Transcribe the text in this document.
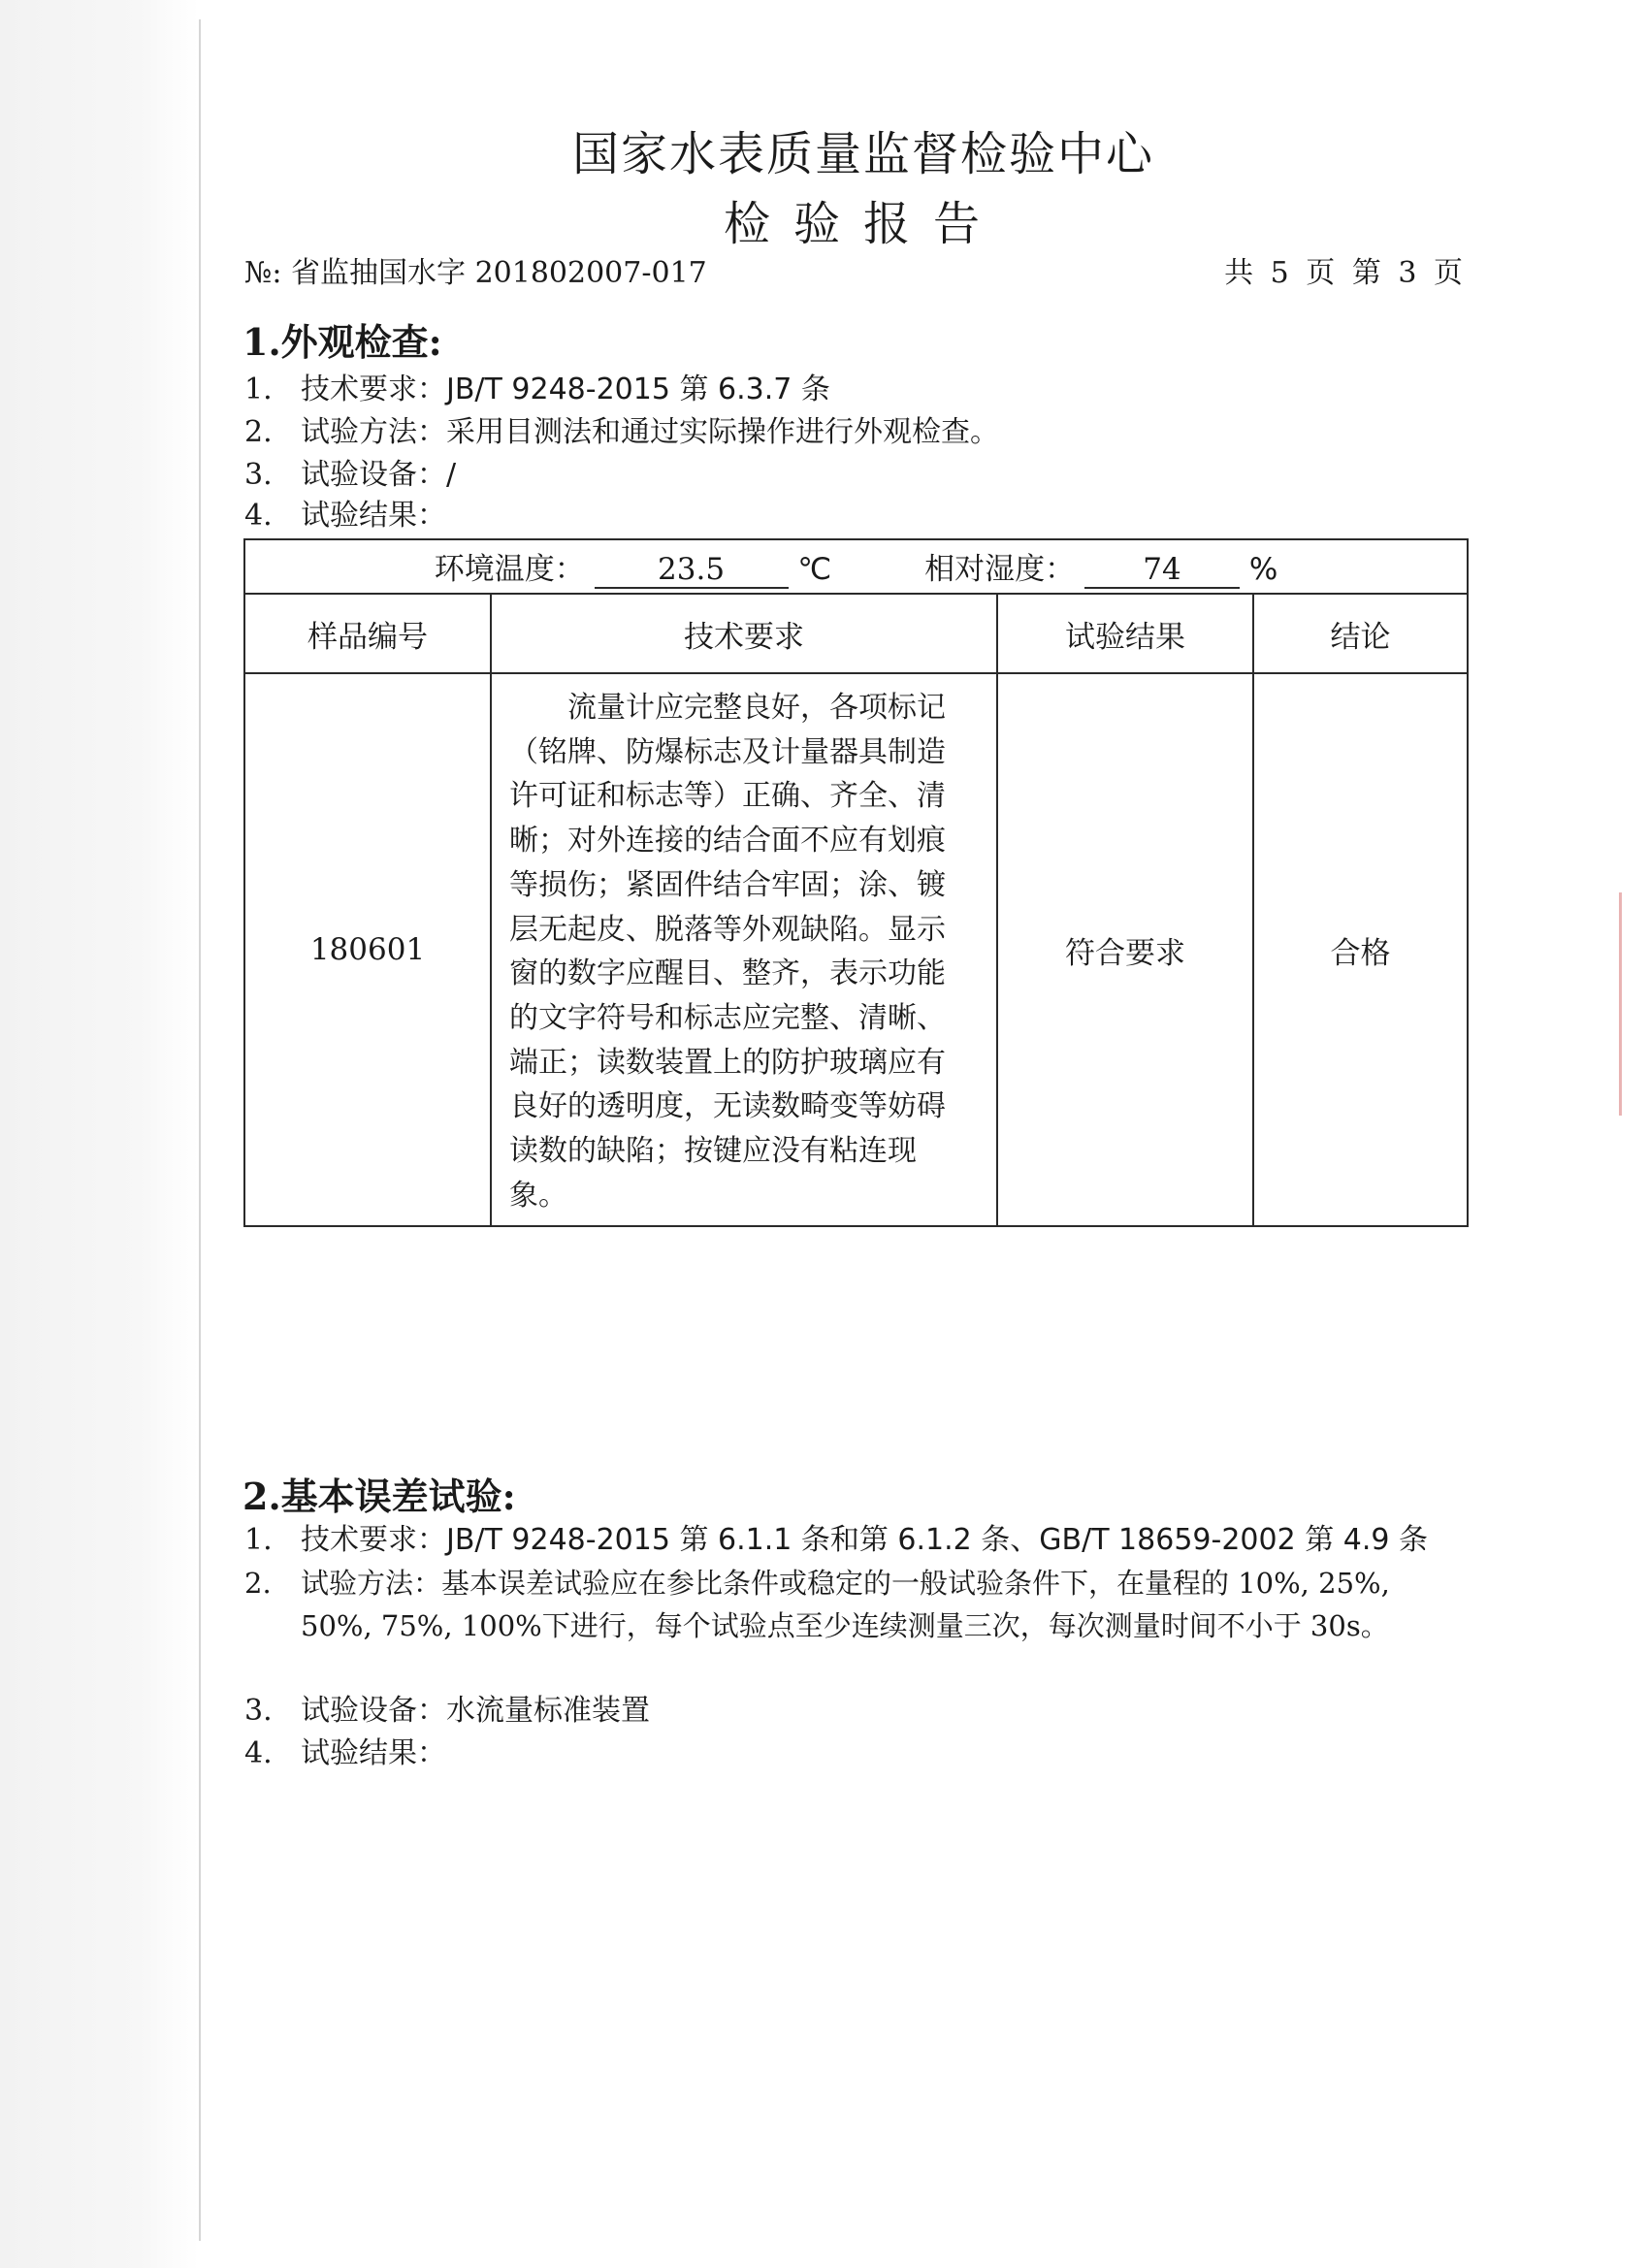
国家水表质量监督检验中心
检验报告
№: 省监抽国水字 201802007-017	共 5 页 第 3 页
1.外观检查:
1. 技术要求：JB/T 9248-2015 第 6.3.7 条
2. 试验方法：采用目测法和通过实际操作进行外观检查。
3. 试验设备：/
4. 试验结果：
环境温度： 23.5 ℃ 相对湿度： 74 %			
样品编号	技术要求	试验结果	结论
180601	流量计应完整良好，各项标记（铭牌、防爆标志及计量器具制造许可证和标志等）正确、齐全、清晰；对外连接的结合面不应有划痕等损伤；紧固件结合牢固；涂、镀层无起皮、脱落等外观缺陷。显示窗的数字应醒目、整齐，表示功能的文字符号和标志应完整、清晰、端正；读数装置上的防护玻璃应有良好的透明度，无读数畸变等妨碍读数的缺陷；按键应没有粘连现象。	符合要求	合格
2.基本误差试验:
1. 技术要求：JB/T 9248-2015 第 6.1.1 条和第 6.1.2 条、GB/T 18659-2002 第 4.9 条
2. 试验方法：基本误差试验应在参比条件或稳定的一般试验条件下，在量程的 10%, 25%, 50%, 75%, 100%下进行，每个试验点至少连续测量三次，每次测量时间不小于 30s。
3. 试验设备：水流量标准装置
4. 试验结果：
